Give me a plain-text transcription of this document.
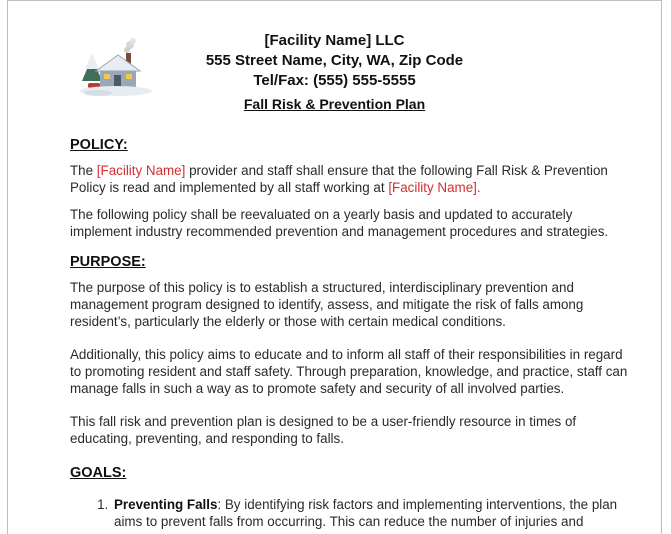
[Facility Name] LLC
555 Street Name, City, WA, Zip Code
Tel/Fax: (555) 555-5555
Fall Risk & Prevention Plan
POLICY:

The [Facility Name] provider and staff shall ensure that the following Fall Risk & Prevention Policy is read and implemented by all staff working at [Facility Name].

The following policy shall be reevaluated on a yearly basis and updated to accurately implement industry recommended prevention and management procedures and strategies.

PURPOSE:

The purpose of this policy is to establish a structured, interdisciplinary prevention and management program designed to identify, assess, and mitigate the risk of falls among resident’s, particularly the elderly or those with certain medical conditions.

Additionally, this policy aims to educate and to inform all staff of their responsibilities in regard to promoting resident and staff safety. Through preparation, knowledge, and practice, staff can manage falls in such a way as to promote safety and security of all involved parties.

This fall risk and prevention plan is designed to be a user-friendly resource in times of educating, preventing, and responding to falls.

GOALS:
1. Preventing Falls: By identifying risk factors and implementing interventions, the plan aims to prevent falls from occurring. This can reduce the number of injuries and
